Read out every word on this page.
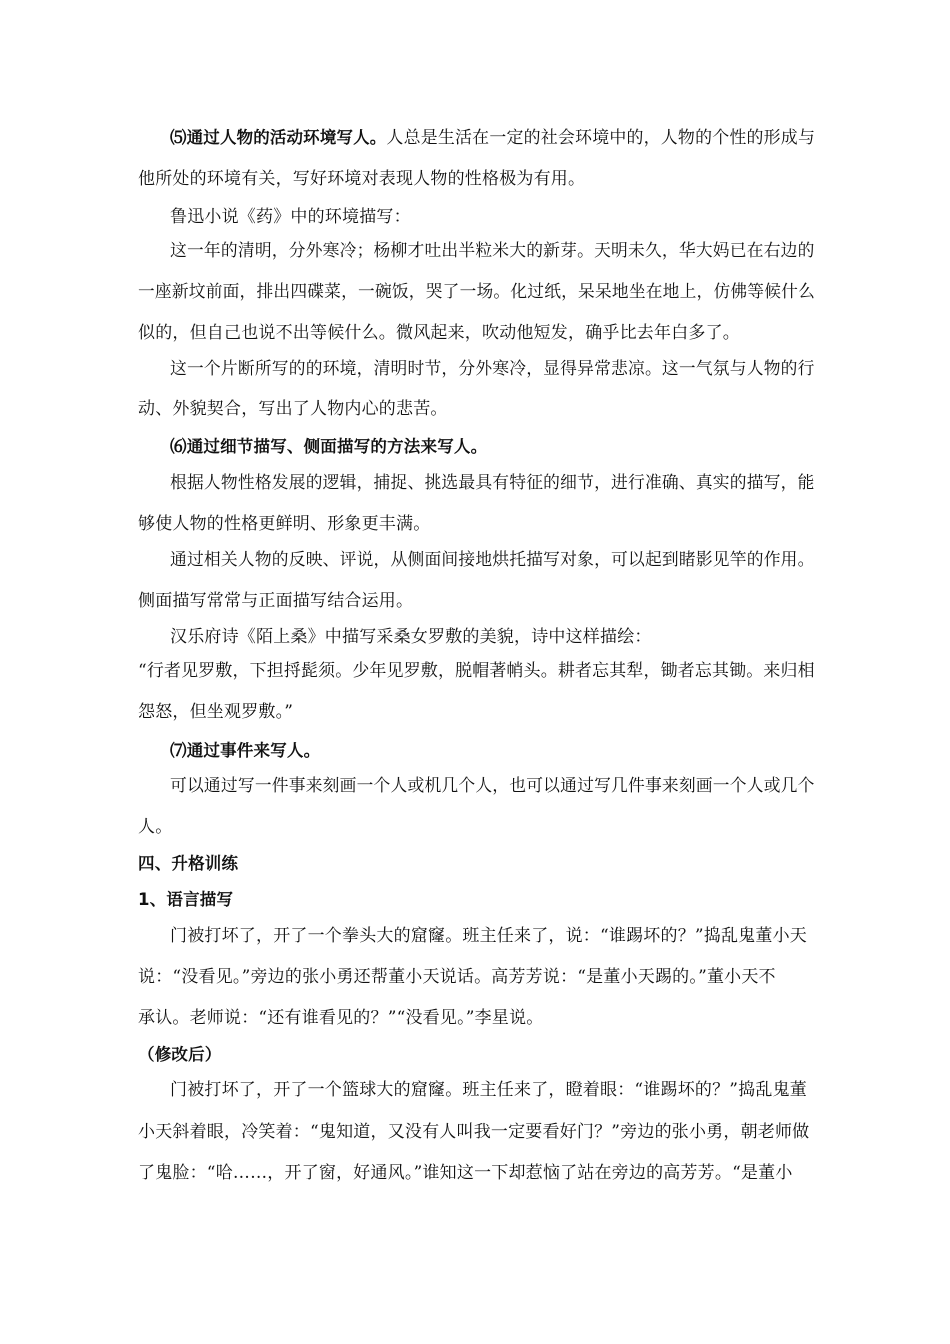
⑸通过人物的活动环境写人。人总是生活在一定的社会环境中的，人物的个性的形成与
他所处的环境有关，写好环境对表现人物的性格极为有用。
鲁迅小说《药》中的环境描写：
这一年的清明，分外寒冷；杨柳才吐出半粒米大的新芽。天明未久，华大妈已在右边的
一座新坟前面，排出四碟菜，一碗饭，哭了一场。化过纸，呆呆地坐在地上，仿佛等候什么
似的，但自己也说不出等候什么。微风起来，吹动他短发，确乎比去年白多了。
这一个片断所写的的环境，清明时节，分外寒冷，显得异常悲凉。这一气氛与人物的行
动、外貌契合，写出了人物内心的悲苦。
⑹通过细节描写、侧面描写的方法来写人。
根据人物性格发展的逻辑，捕捉、挑选最具有特征的细节，进行准确、真实的描写，能
够使人物的性格更鲜明、形象更丰满。
通过相关人物的反映、评说，从侧面间接地烘托描写对象，可以起到睹影见竿的作用。
侧面描写常常与正面描写结合运用。
汉乐府诗《陌上桑》中描写采桑女罗敷的美貌，诗中这样描绘：
“行者见罗敷，下担捋髭须。少年见罗敷，脱帽著帩头。耕者忘其犁，锄者忘其锄。来归相
怨怒，但坐观罗敷。”
⑺通过事件来写人。
可以通过写一件事来刻画一个人或机几个人，也可以通过写几件事来刻画一个人或几个
人。
四、升格训练
1、语言描写
门被打坏了，开了一个拳头大的窟窿。班主任来了，说：“谁踢坏的？”捣乱鬼董小天
说：“没看见。”旁边的张小勇还帮董小天说话。高芳芳说：“是董小天踢的。”董小天不
承认。老师说：“还有谁看见的？”“没看见。”李星说。
（修改后）
门被打坏了，开了一个篮球大的窟窿。班主任来了，瞪着眼：“谁踢坏的？”捣乱鬼董
小天斜着眼，冷笑着：“鬼知道，又没有人叫我一定要看好门？”旁边的张小勇，朝老师做
了鬼脸：“哈……，开了窗，好通风。”谁知这一下却惹恼了站在旁边的高芳芳。“是董小
